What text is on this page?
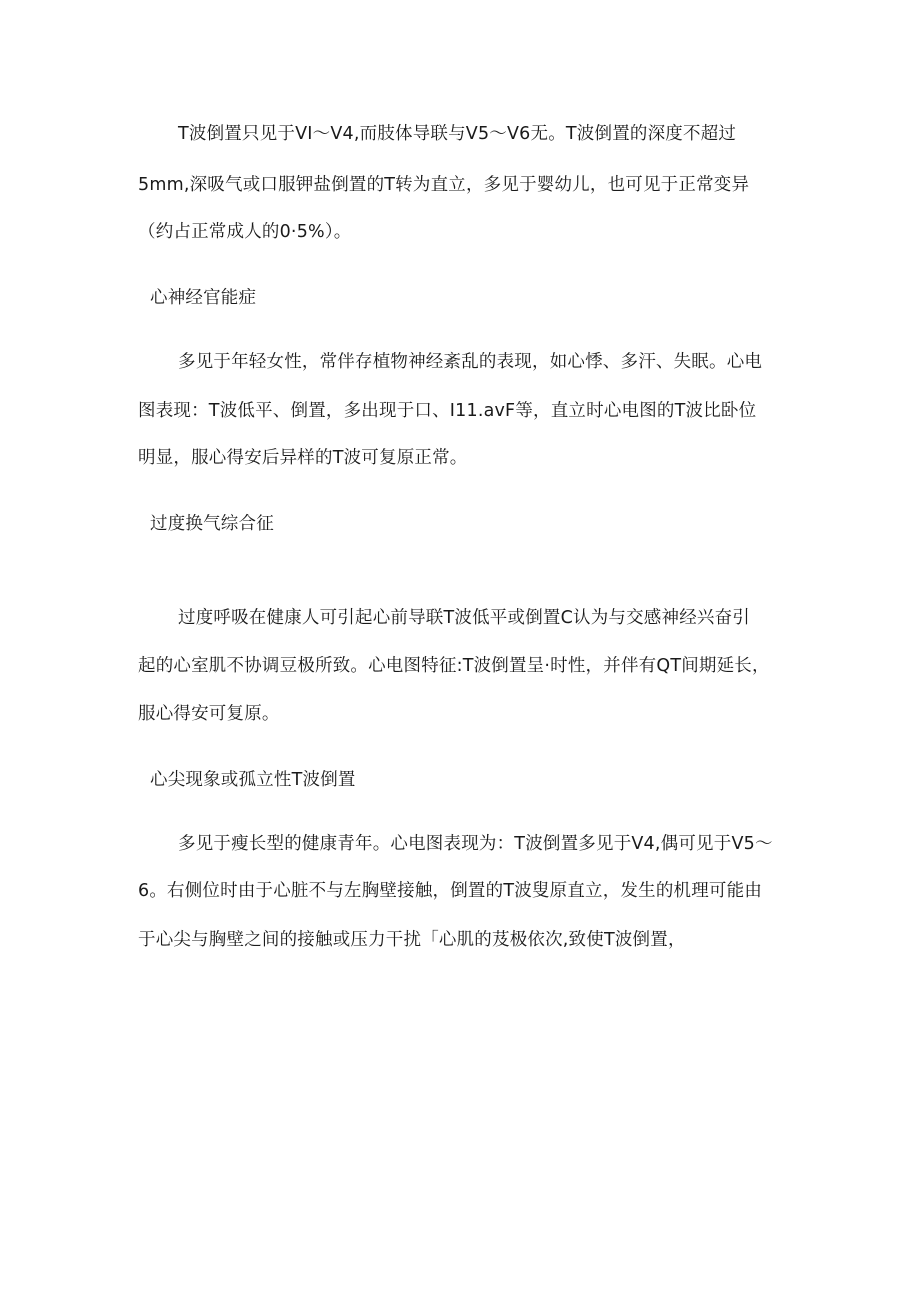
T波倒置只见于VI～V4,而肢体导联与V5～V6无。T波倒置的深度不超过
5mm,深吸气或口服钾盐倒置的T转为直立，多见于婴幼儿，也可见于正常变异
（约占正常成人的0·5%）。
心神经官能症
多见于年轻女性，常伴存植物神经紊乱的表现，如心悸、多汗、失眠。心电
图表现：T波低平、倒置，多出现于口、I11.avF等，直立时心电图的T波比卧位
明显，服心得安后异样的T波可复原正常。
过度换气综合征
过度呼吸在健康人可引起心前导联T波低平或倒置C认为与交感神经兴奋引
起的心室肌不协调豆极所致。心电图特征:T波倒置呈·时性，并伴有QT间期延长，
服心得安可复原。
心尖现象或孤立性T波倒置
多见于瘦长型的健康青年。心电图表现为：T波倒置多见于V4,偶可见于V5～
6。右侧位时由于心脏不与左胸壁接触，倒置的T波叟原直立，发生的机理可能由
于心尖与胸壁之间的接触或压力干扰「心肌的芨极依次,致使T波倒置，
